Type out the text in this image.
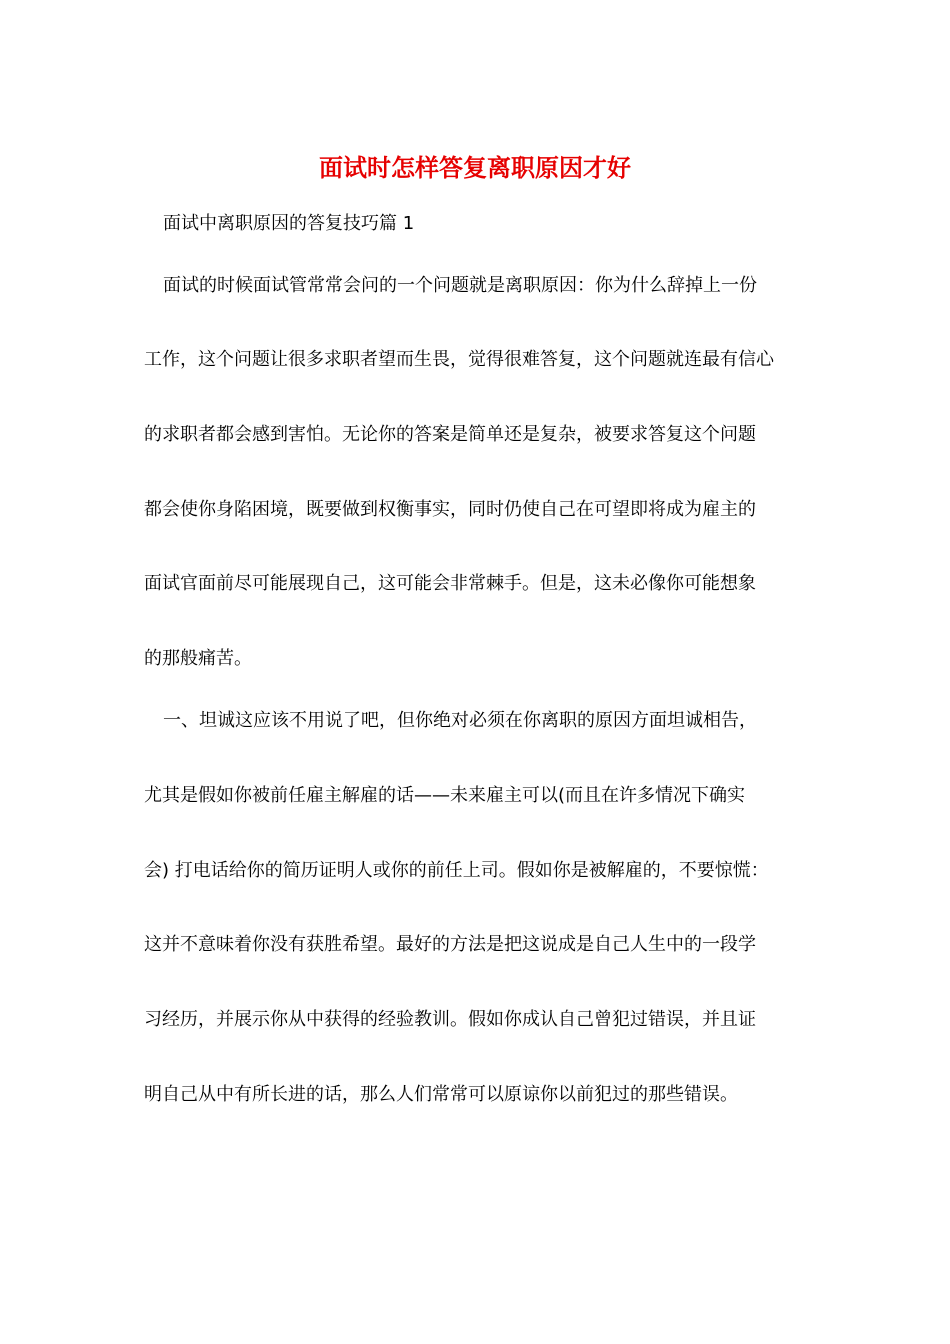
面试时怎样答复离职原因才好

面试中离职原因的答复技巧篇 1

面试的时候面试管常常会问的一个问题就是离职原因：你为什么辞掉上一份

工作，这个问题让很多求职者望而生畏，觉得很难答复，这个问题就连最有信心

的求职者都会感到害怕。无论你的答案是简单还是复杂，被要求答复这个问题

都会使你身陷困境，既要做到权衡事实，同时仍使自己在可望即将成为雇主的

面试官面前尽可能展现自己，这可能会非常棘手。但是，这未必像你可能想象

的那般痛苦。

一、坦诚这应该不用说了吧，但你绝对必须在你离职的原因方面坦诚相告，

尤其是假如你被前任雇主解雇的话——未来雇主可以(而且在许多情况下确实

会) 打电话给你的简历证明人或你的前任上司。假如你是被解雇的，不要惊慌：

这并不意味着你没有获胜希望。最好的方法是把这说成是自己人生中的一段学

习经历，并展示你从中获得的经验教训。假如你成认自己曾犯过错误，并且证

明自己从中有所长进的话，那么人们常常可以原谅你以前犯过的那些错误。
